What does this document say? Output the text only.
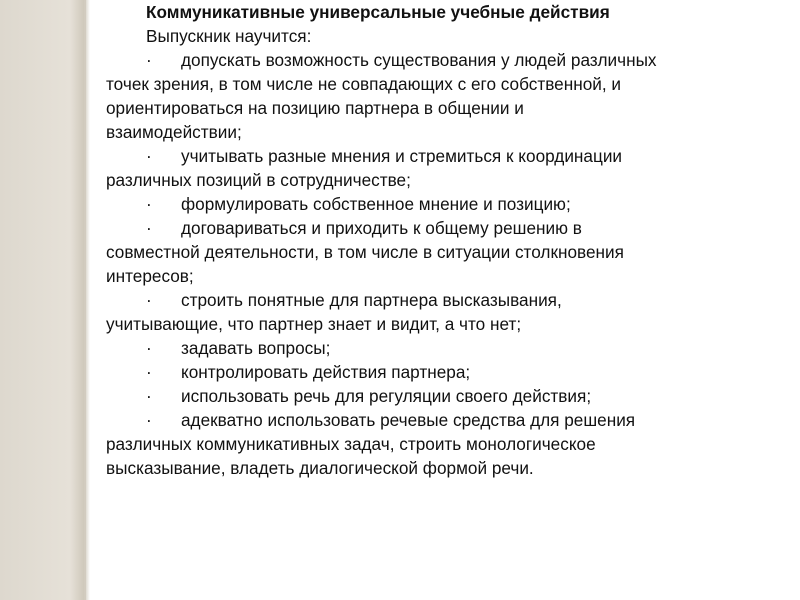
Коммуникативные универсальные учебные действия
Выпускник научится:
· допускать возможность существования у людей различных
точек зрения, в том числе не совпадающих с его собственной, и
ориентироваться на позицию партнера в общении и
взаимодействии;
· учитывать разные мнения и стремиться к координации
различных позиций в сотрудничестве;
· формулировать собственное мнение и позицию;
· договариваться и приходить к общему решению в
совместной деятельности, в том числе в ситуации столкновения
интересов;
· строить понятные для партнера высказывания,
учитывающие, что партнер знает и видит, а что нет;
· задавать вопросы;
· контролировать действия партнера;
· использовать речь для регуляции своего действия;
· адекватно использовать речевые средства для решения
различных коммуникативных задач, строить монологическое
высказывание, владеть диалогической формой речи.
